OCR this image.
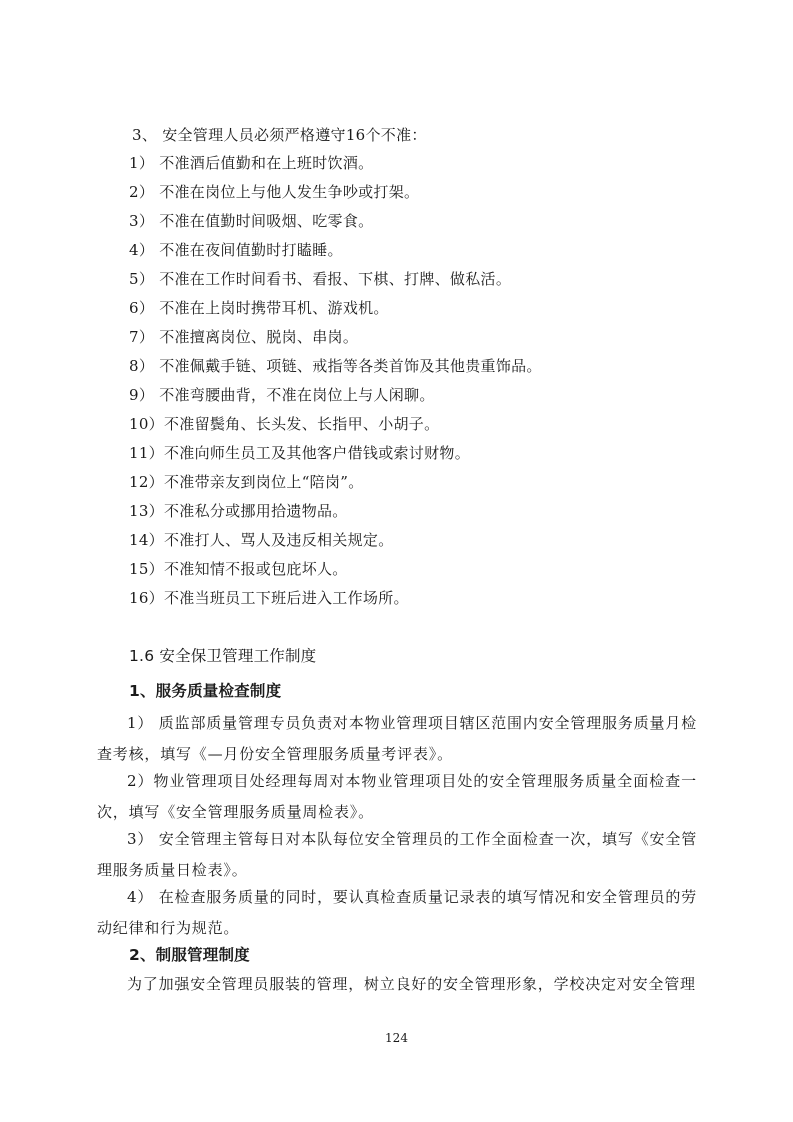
3、 安全管理人员必须严格遵守16个不准：
1） 不准酒后值勤和在上班时饮酒。
2） 不准在岗位上与他人发生争吵或打架。
3） 不准在值勤时间吸烟、吃零食。
4） 不准在夜间值勤时打瞌睡。
5） 不准在工作时间看书、看报、下棋、打牌、做私活。
6） 不准在上岗时携带耳机、游戏机。
7） 不准擅离岗位、脱岗、串岗。
8） 不准佩戴手链、项链、戒指等各类首饰及其他贵重饰品。
9） 不准弯腰曲背，不准在岗位上与人闲聊。
10）不准留鬓角、长头发、长指甲、小胡子。
11）不准向师生员工及其他客户借钱或索讨财物。
12）不准带亲友到岗位上“陪岗”。
13）不准私分或挪用拾遗物品。
14）不准打人、骂人及违反相关规定。
15）不准知情不报或包庇坏人。
16）不准当班员工下班后进入工作场所。
1.6 安全保卫管理工作制度
1、服务质量检查制度
1） 质监部质量管理专员负责对本物业管理项目辖区范围内安全管理服务质量月检查考核，填写《—月份安全管理服务质量考评表》。
2）物业管理项目处经理每周对本物业管理项目处的安全管理服务质量全面检查一次，填写《安全管理服务质量周检表》。
3） 安全管理主管每日对本队每位安全管理员的工作全面检查一次，填写《安全管理服务质量日检表》。
4） 在检查服务质量的同时，要认真检查质量记录表的填写情况和安全管理员的劳动纪律和行为规范。
2、制服管理制度
为了加强安全管理员服装的管理，树立良好的安全管理形象，学校决定对安全管理
124
